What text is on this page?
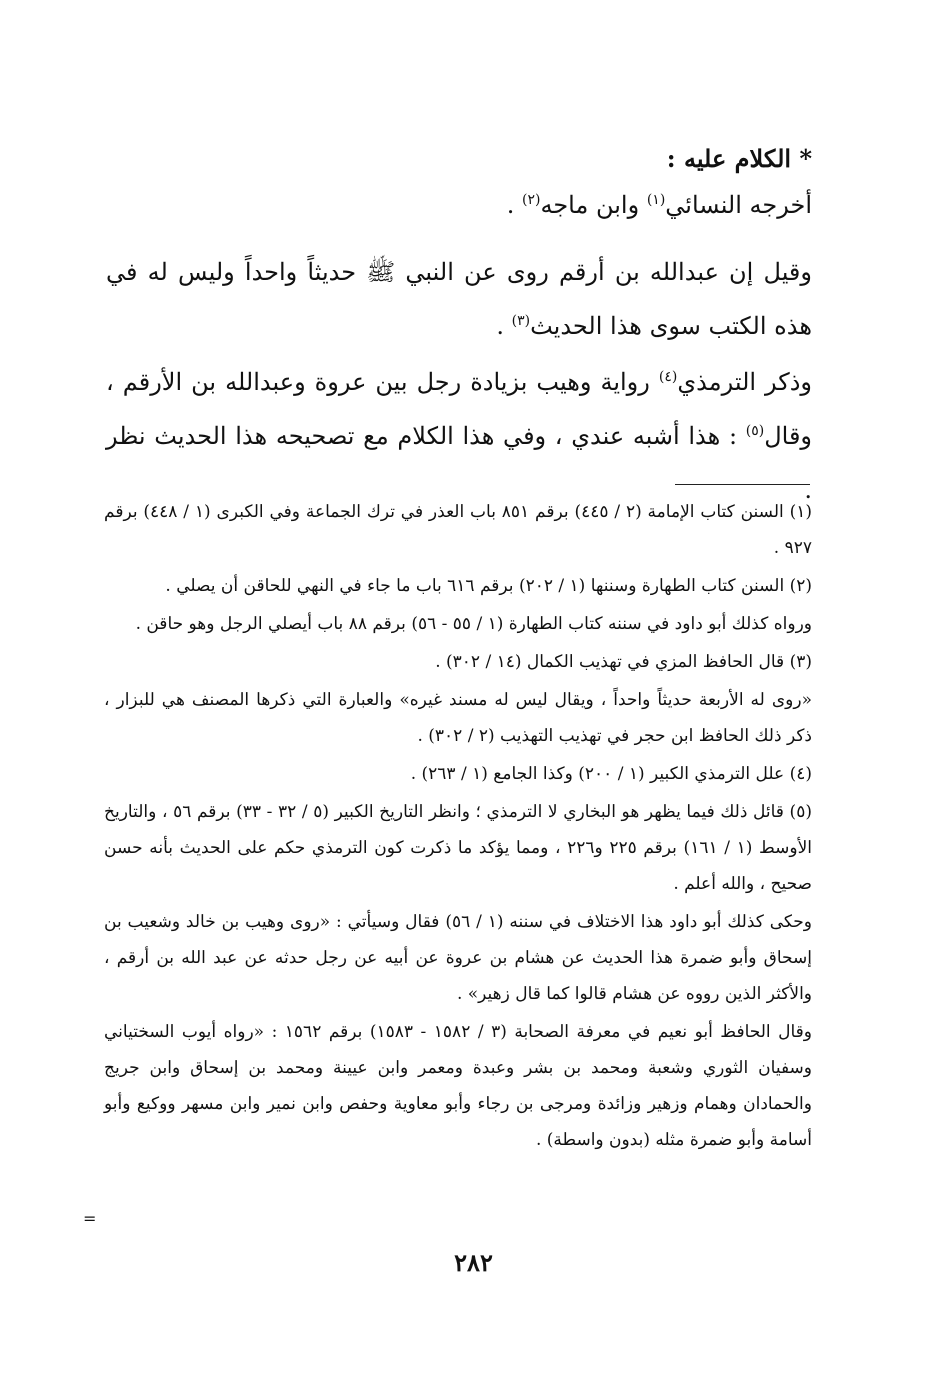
* الكلام عليه :

أخرجه النسائي$^{(١)}$ وابن ماجه$^{(٢)}$ .

وقيل إن عبدالله بن أرقم روى عن النبي ﷺ حديثاً واحداً وليس له في هذه الكتب سوى هذا الحديث$^{(٣)}$ .

وذكر الترمذي$^{(٤)}$ رواية وهيب بزيادة رجل بين عروة وعبدالله بن الأرقم ، وقال$^{(٥)}$ : هذا أشبه عندي ، وفي هذا الكلام مع تصحيحه هذا الحديث نظر .

(١) السنن كتاب الإمامة (٢ / ٤٤٥) برقم ٨٥١ باب العذر في ترك الجماعة وفي الكبرى (١ / ٤٤٨) برقم ٩٢٧ .

(٢) السنن كتاب الطهارة وسننها (١ / ٢٠٢) برقم ٦١٦ باب ما جاء في النهي للحاقن أن يصلي .

ورواه كذلك أبو داود في سننه كتاب الطهارة (١ / ٥٥ - ٥٦) برقم ٨٨ باب أيصلي الرجل وهو حاقن .

(٣) قال الحافظ المزي في تهذيب الكمال (١٤ / ٣٠٢) .

«روى له الأربعة حديثاً واحداً ، ويقال ليس له مسند غيره» والعبارة التي ذكرها المصنف هي للبزار ، ذكر ذلك الحافظ ابن حجر في تهذيب التهذيب (٢ / ٣٠٢) .

(٤) علل الترمذي الكبير (١ / ٢٠٠) وكذا الجامع (١ / ٢٦٣) .

(٥) قائل ذلك فيما يظهر هو البخاري لا الترمذي ؛ وانظر التاريخ الكبير (٥ / ٣٢ - ٣٣) برقم ٥٦ ، والتاريخ الأوسط (١ / ١٦١) برقم ٢٢٥ و٢٢٦ ، ومما يؤكد ما ذكرت كون الترمذي حكم على الحديث بأنه حسن صحيح ، والله أعلم .

وحكى كذلك أبو داود هذا الاختلاف في سننه (١ / ٥٦) فقال وسيأتي : «روى وهيب بن خالد وشعيب بن إسحاق وأبو ضمرة هذا الحديث عن هشام بن عروة عن أبيه عن رجل حدثه عن عبد الله بن أرقم ، والأكثر الذين رووه عن هشام قالوا كما قال زهير» .

وقال الحافظ أبو نعيم في معرفة الصحابة (٣ / ١٥٨٢ - ١٥٨٣) برقم ١٥٦٢ : «رواه أيوب السختياني وسفيان الثوري وشعبة ومحمد بن بشر وعبدة ومعمر وابن عيينة ومحمد بن إسحاق وابن جريج والحمادان وهمام وزهير وزائدة ومرجى بن رجاء وأبو معاوية وحفص وابن نمير وابن مسهر ووكيع وأبو أسامة وأبو ضمرة مثله (بدون واسطة) .

=
٢٨٢
